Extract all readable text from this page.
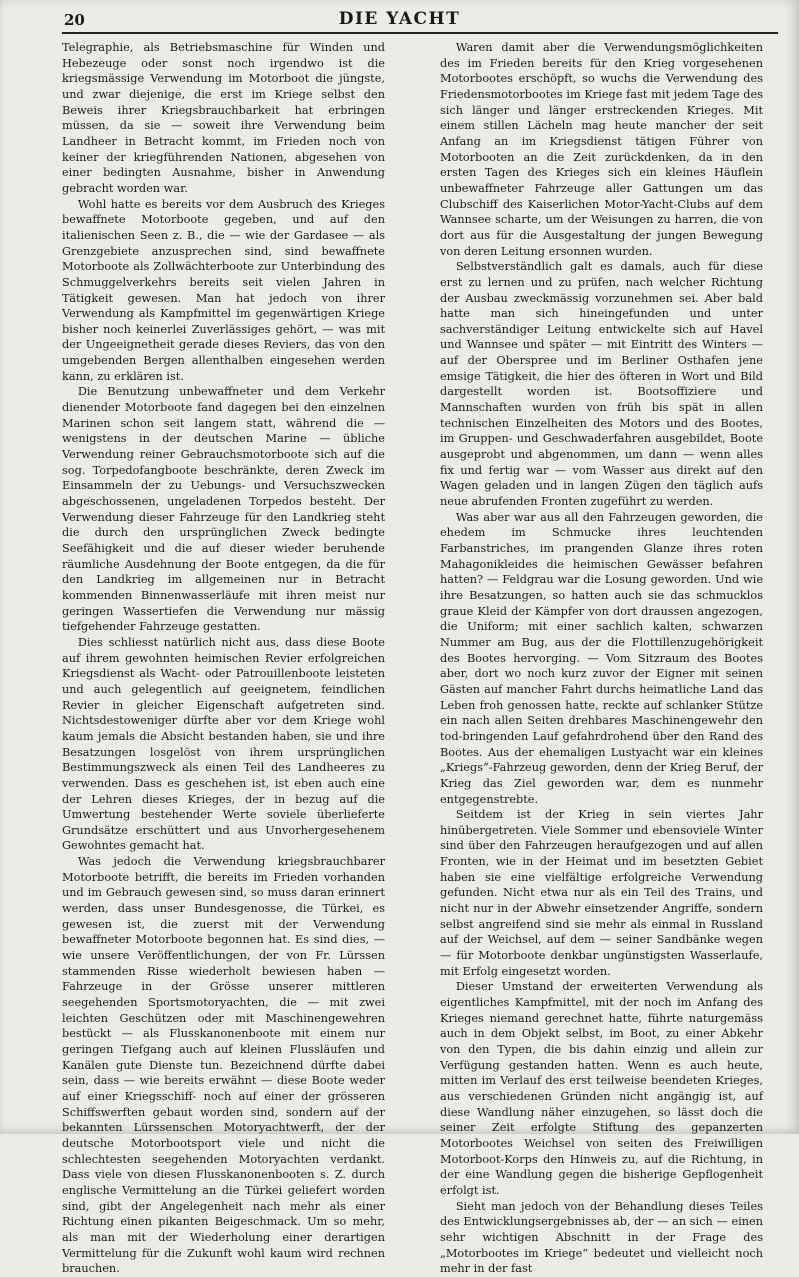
20	DIE YACHT

Telegraphie, als Betriebsmaschine für Winden und Hebezeuge oder sonst noch irgendwo ist die kriegsmässige Verwendung im Motorboot die jüngste, und zwar diejenige, die erst im Kriege selbst den Beweis ihrer Kriegsbrauchbarkeit hat erbringen müssen, da sie — soweit ihre Verwendung beim Landheer in Betracht kommt, im Frieden noch von keiner der kriegführenden Nationen, abgesehen von einer bedingten Ausnahme, bisher in Anwendung gebracht worden war.

Wohl hatte es bereits vor dem Ausbruch des Krieges bewaffnete Motorboote gegeben, und auf den italienischen Seen z. B., die — wie der Gardasee — als Grenzgebiete anzusprechen sind, sind bewaffnete Motorboote als Zollwächterboote zur Unterbindung des Schmuggelverkehrs bereits seit vielen Jahren in Tätigkeit gewesen. Man hat jedoch von ihrer Verwendung als Kampfmittel im gegenwärtigen Kriege bisher noch keinerlei Zuverlässiges gehört, — was mit der Ungeeignetheit gerade dieses Reviers, das von den umgebenden Bergen allenthalben eingesehen werden kann, zu erklären ist.

Die Benutzung unbewaffneter und dem Verkehr dienender Motorboote fand dagegen bei den einzelnen Marinen schon seit langem statt, während die — wenigstens in der deutschen Marine — übliche Verwendung reiner Gebrauchsmotorboote sich auf die sog. Torpedofangboote beschränkte, deren Zweck im Einsammeln der zu Uebungs- und Versuchszwecken abgeschossenen, ungeladenen Torpedos besteht. Der Verwendung dieser Fahrzeuge für den Landkrieg steht die durch den ursprünglichen Zweck bedingte Seefähigkeit und die auf dieser wieder beruhende räumliche Ausdehnung der Boote entgegen, da die für den Landkrieg im allgemeinen nur in Betracht kommenden Binnenwasserläufe mit ihren meist nur geringen Wassertiefen die Verwendung nur mässig tiefgehender Fahrzeuge gestatten.

Dies schliesst natürlich nicht aus, dass diese Boote auf ihrem gewohnten heimischen Revier erfolgreichen Kriegsdienst als Wacht- oder Patrouillenboote leisteten und auch gelegentlich auf geeignetem, feindlichen Revier in gleicher Eigenschaft aufgetreten sind. Nichtsdestoweniger dürfte aber vor dem Kriege wohl kaum jemals die Absicht bestanden haben, sie und ihre Besatzungen losgelöst von ihrem ursprünglichen Bestimmungszweck als einen Teil des Landheeres zu verwenden. Dass es geschehen ist, ist eben auch eine der Lehren dieses Krieges, der in bezug auf die Umwertung bestehender Werte soviele überlieferte Grundsätze erschüttert und aus Unvorhergesehenem Gewohntes gemacht hat.

Was jedoch die Verwendung kriegsbrauchbarer Motorboote betrifft, die bereits im Frieden vorhanden und im Gebrauch gewesen sind, so muss daran erinnert werden, dass unser Bundesgenosse, die Türkei, es gewesen ist, die zuerst mit der Verwendung bewaffneter Motorboote begonnen hat. Es sind dies, — wie unsere Veröffentlichungen, der von Fr. Lürssen stammenden Risse wiederholt bewiesen haben — Fahrzeuge in der Grösse unserer mittleren seegehenden Sportsmotoryachten, die — mit zwei leichten Geschützen oder mit Maschinengewehren bestückt — als Flusskanonenboote mit einem nur geringen Tiefgang auch auf kleinen Flussläufen und Kanälen gute Dienste tun. Bezeichnend dürfte dabei sein, dass — wie bereits erwähnt — diese Boote weder auf einer Kriegsschiff- noch auf einer der grösseren Schiffswerften gebaut worden sind, sondern auf der bekannten Lürssenschen Motoryachtwerft, der der deutsche Motorbootsport viele und nicht die schlechtesten seegehenden Motoryachten verdankt. Dass viele von diesen Flusskanonenbooten s. Z. durch englische Vermittelung an die Türkei geliefert worden sind, gibt der Angelegenheit nach mehr als einer Richtung einen pikanten Beigeschmack. Um so mehr, als man mit der Wiederholung einer derartigen Vermittelung für die Zukunft wohl kaum wird rechnen brauchen.

Waren damit aber die Verwendungsmöglichkeiten des im Frieden bereits für den Krieg vorgesehenen Motorbootes erschöpft, so wuchs die Verwendung des Friedensmotorbootes im Kriege fast mit jedem Tage des sich länger und länger erstreckenden Krieges. Mit einem stillen Lächeln mag heute mancher der seit Anfang an im Kriegsdienst tätigen Führer von Motorbooten an die Zeit zurückdenken, da in den ersten Tagen des Krieges sich ein kleines Häuflein unbewaffneter Fahrzeuge aller Gattungen um das Clubschiff des Kaiserlichen Motor-Yacht-Clubs auf dem Wannsee scharte, um der Weisungen zu harren, die von dort aus für die Ausgestaltung der jungen Bewegung von deren Leitung ersonnen wurden.

Selbstverständlich galt es damals, auch für diese erst zu lernen und zu prüfen, nach welcher Richtung der Ausbau zweckmässig vorzunehmen sei. Aber bald hatte man sich hineingefunden und unter sachverständiger Leitung entwickelte sich auf Havel und Wannsee und später — mit Eintritt des Winters — auf der Oberspree und im Berliner Osthafen jene emsige Tätigkeit, die hier des öfteren in Wort und Bild dargestellt worden ist. Bootsoffiziere und Mannschaften wurden von früh bis spät in allen technischen Einzelheiten des Motors und des Bootes, im Gruppen- und Geschwaderfahren ausgebildet, Boote ausgeprobt und abgenommen, um dann — wenn alles fix und fertig war — vom Wasser aus direkt auf den Wagen geladen und in langen Zügen den täglich aufs neue abrufenden Fronten zugeführt zu werden.

Was aber war aus all den Fahrzeugen geworden, die ehedem im Schmucke ihres leuchtenden Farbanstriches, im prangenden Glanze ihres roten Mahagonikleides die heimischen Gewässer befahren hatten? — Feldgrau war die Losung geworden. Und wie ihre Besatzungen, so hatten auch sie das schmucklos graue Kleid der Kämpfer von dort draussen angezogen, die Uniform; mit einer sachlich kalten, schwarzen Nummer am Bug, aus der die Flottillenzugehörigkeit des Bootes hervorging. — Vom Sitzraum des Bootes aber, dort wo noch kurz zuvor der Eigner mit seinen Gästen auf mancher Fahrt durchs heimatliche Land das Leben froh genossen hatte, reckte auf schlanker Stütze ein nach allen Seiten drehbares Maschinengewehr den tod-bringenden Lauf gefahrdrohend über den Rand des Bootes. Aus der ehemaligen Lustyacht war ein kleines „Kriegs“-Fahrzeug geworden, denn der Krieg Beruf, der Krieg das Ziel geworden war, dem es nunmehr entgegenstrebte.

Seitdem ist der Krieg in sein viertes Jahr hinübergetreten. Viele Sommer und ebensoviele Winter sind über den Fahrzeugen heraufgezogen und auf allen Fronten, wie in der Heimat und im besetzten Gebiet haben sie eine vielfältige erfolgreiche Verwendung gefunden. Nicht etwa nur als ein Teil des Trains, und nicht nur in der Abwehr einsetzender Angriffe, sondern selbst angreifend sind sie mehr als einmal in Russland auf der Weichsel, auf dem — seiner Sandbänke wegen — für Motorboote denkbar ungünstigsten Wasserlaufe, mit Erfolg eingesetzt worden.

Dieser Umstand der erweiterten Verwendung als eigentliches Kampfmittel, mit der noch im Anfang des Krieges niemand gerechnet hatte, führte naturgemäss auch in dem Objekt selbst, im Boot, zu einer Abkehr von den Typen, die bis dahin einzig und allein zur Verfügung gestanden hatten. Wenn es auch heute, mitten im Verlauf des erst teilweise beendeten Krieges, aus verschiedenen Gründen nicht angängig ist, auf diese Wandlung näher einzugehen, so lässt doch die seiner Zeit erfolgte Stiftung des gepanzerten Motorbootes Weichsel von seiten des Freiwilligen Motorboot-Korps den Hinweis zu, auf die Richtung, in der eine Wandlung gegen die bisherige Gepflogenheit erfolgt ist.

Sieht man jedoch von der Behandlung dieses Teiles des Entwicklungsergebnisses ab, der — an sich — einen sehr wichtigen Abschnitt in der Frage des „Motorbootes im Kriege“ bedeutet und vielleicht noch mehr in der fast
